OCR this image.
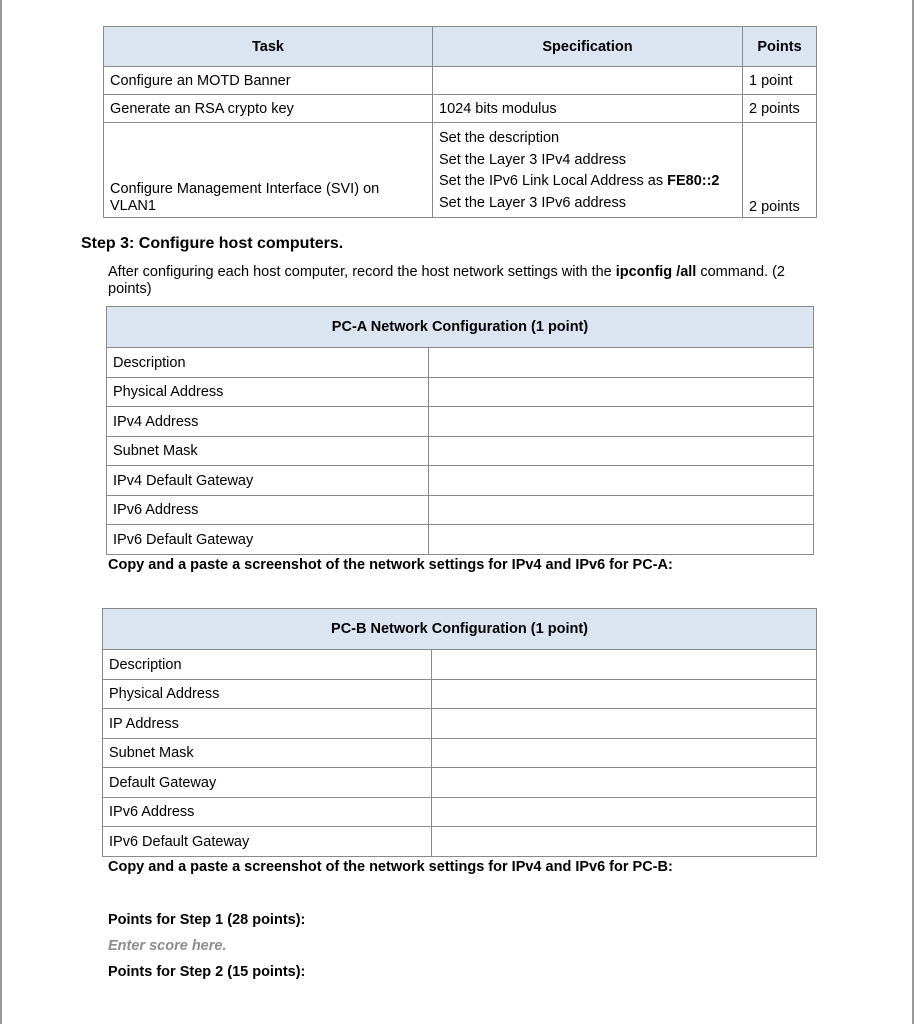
Task	Specification	Points
Configure an MOTD Banner		1 point
Generate an RSA crypto key	1024 bits modulus	2 points
Configure Management Interface (SVI) on VLAN1	Set the description
Set the Layer 3 IPv4 address
Set the IPv6 Link Local Address as FE80::2
Set the Layer 3 IPv6 address	2 points
Step 3: Configure host computers.
After configuring each host computer, record the host network settings with the ipconfig /all command. (2 points)
PC-A Network Configuration (1 point)	
Description	
Physical Address	
IPv4 Address	
Subnet Mask	
IPv4 Default Gateway	
IPv6 Address	
IPv6 Default Gateway	
Copy and a paste a screenshot of the network settings for IPv4 and IPv6 for PC-A:
PC-B Network Configuration (1 point)	
Description	
Physical Address	
IP Address	
Subnet Mask	
Default Gateway	
IPv6 Address	
IPv6 Default Gateway	
Copy and a paste a screenshot of the network settings for IPv4 and IPv6 for PC-B:
Points for Step 1 (28 points):
Enter score here.
Points for Step 2 (15 points):
